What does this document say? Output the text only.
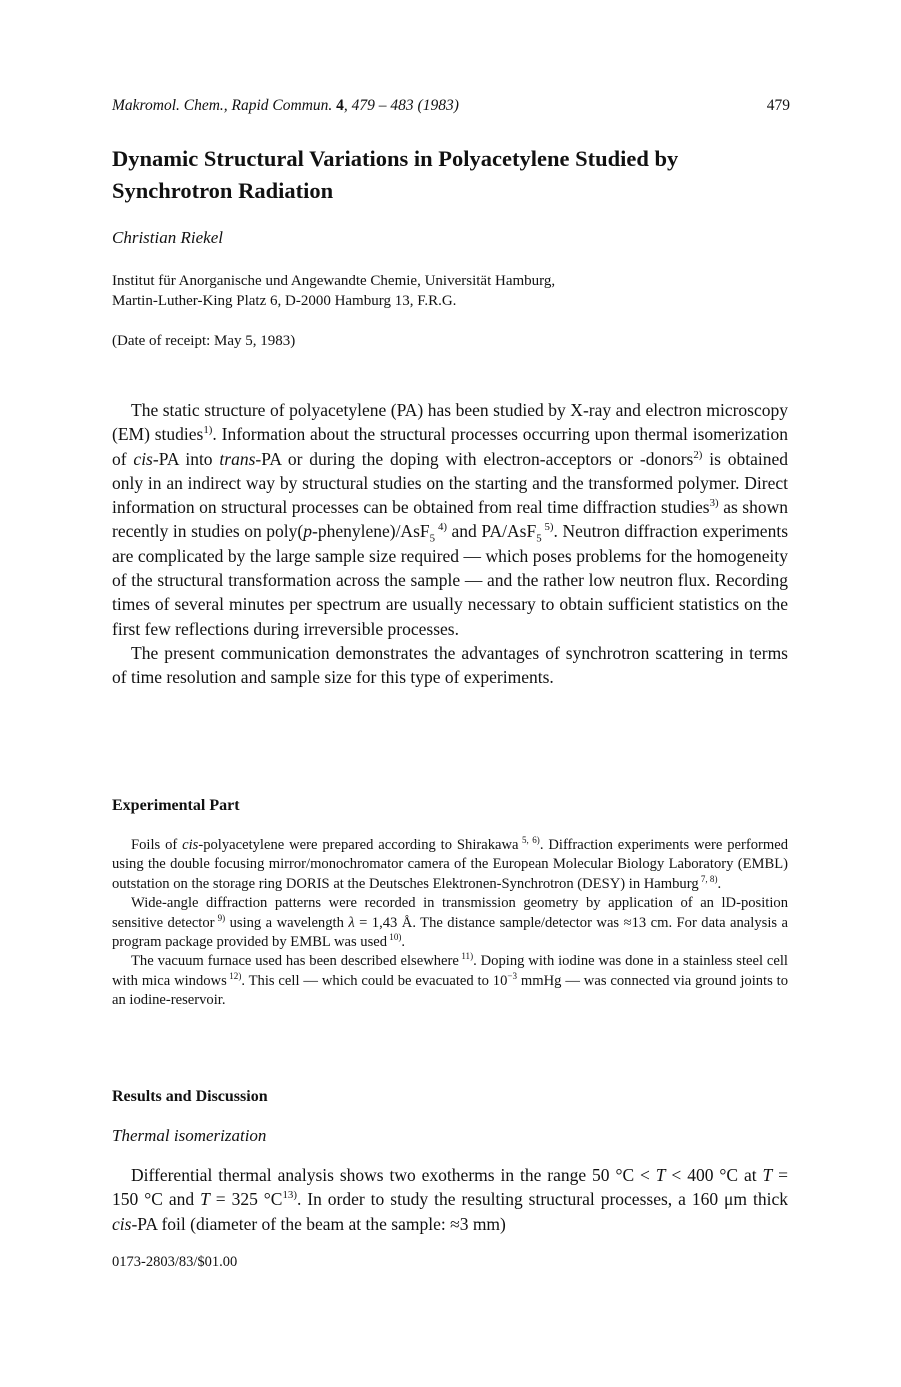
Makromol. Chem., Rapid Commun. 4, 479 – 483 (1983)	479
Dynamic Structural Variations in Polyacetylene Studied by Synchrotron Radiation
Christian Riekel
Institut für Anorganische und Angewandte Chemie, Universität Hamburg,
Martin-Luther-King Platz 6, D-2000 Hamburg 13, F.R.G.
(Date of receipt: May 5, 1983)

The static structure of polyacetylene (PA) has been studied by X-ray and electron microscopy (EM) studies$^{1)}$. Information about the structural processes occurring upon thermal isomerization of cis-PA into trans-PA or during the doping with electron-acceptors or -donors$^{2)}$ is obtained only in an indirect way by structural studies on the starting and the transformed polymer. Direct information on structural processes can be obtained from real time diffraction studies$^{3)}$ as shown recently in studies on poly(p-phenylene)/AsF$_5$ $^{4)}$ and PA/AsF$_5$ $^{5)}$. Neutron diffraction experiments are complicated by the large sample size required — which poses problems for the homogeneity of the structural transformation across the sample — and the rather low neutron flux. Recording times of several minutes per spectrum are usually necessary to obtain sufficient statistics on the first few reflections during irreversible processes.

The present communication demonstrates the advantages of synchrotron scattering in terms of time resolution and sample size for this type of experiments.

Experimental Part

Foils of cis-polyacetylene were prepared according to Shirakawa $^{5, 6)}$. Diffraction experiments were performed using the double focusing mirror/monochromator camera of the European Molecular Biology Laboratory (EMBL) outstation on the storage ring DORIS at the Deutsches Elektronen-Synchrotron (DESY) in Hamburg $^{7, 8)}$.

Wide-angle diffraction patterns were recorded in transmission geometry by application of an lD-position sensitive detector $^{9)}$ using a wavelength λ = 1,43 Å. The distance sample/detector was ≈13 cm. For data analysis a program package provided by EMBL was used $^{10)}$.

The vacuum furnace used has been described elsewhere $^{11)}$. Doping with iodine was done in a stainless steel cell with mica windows $^{12)}$. This cell — which could be evacuated to $10^{-3}$ mmHg — was connected via ground joints to an iodine-reservoir.

Results and Discussion
Thermal isomerization

Differential thermal analysis shows two exotherms in the range 50 °C < T < 400 °C at T = 150 °C and T = 325 $^\circ C^{13)}$. In order to study the resulting structural processes, a 160 μm thick cis-PA foil (diameter of the beam at the sample: ≈3 mm)

0173-2803/83/$01.00
